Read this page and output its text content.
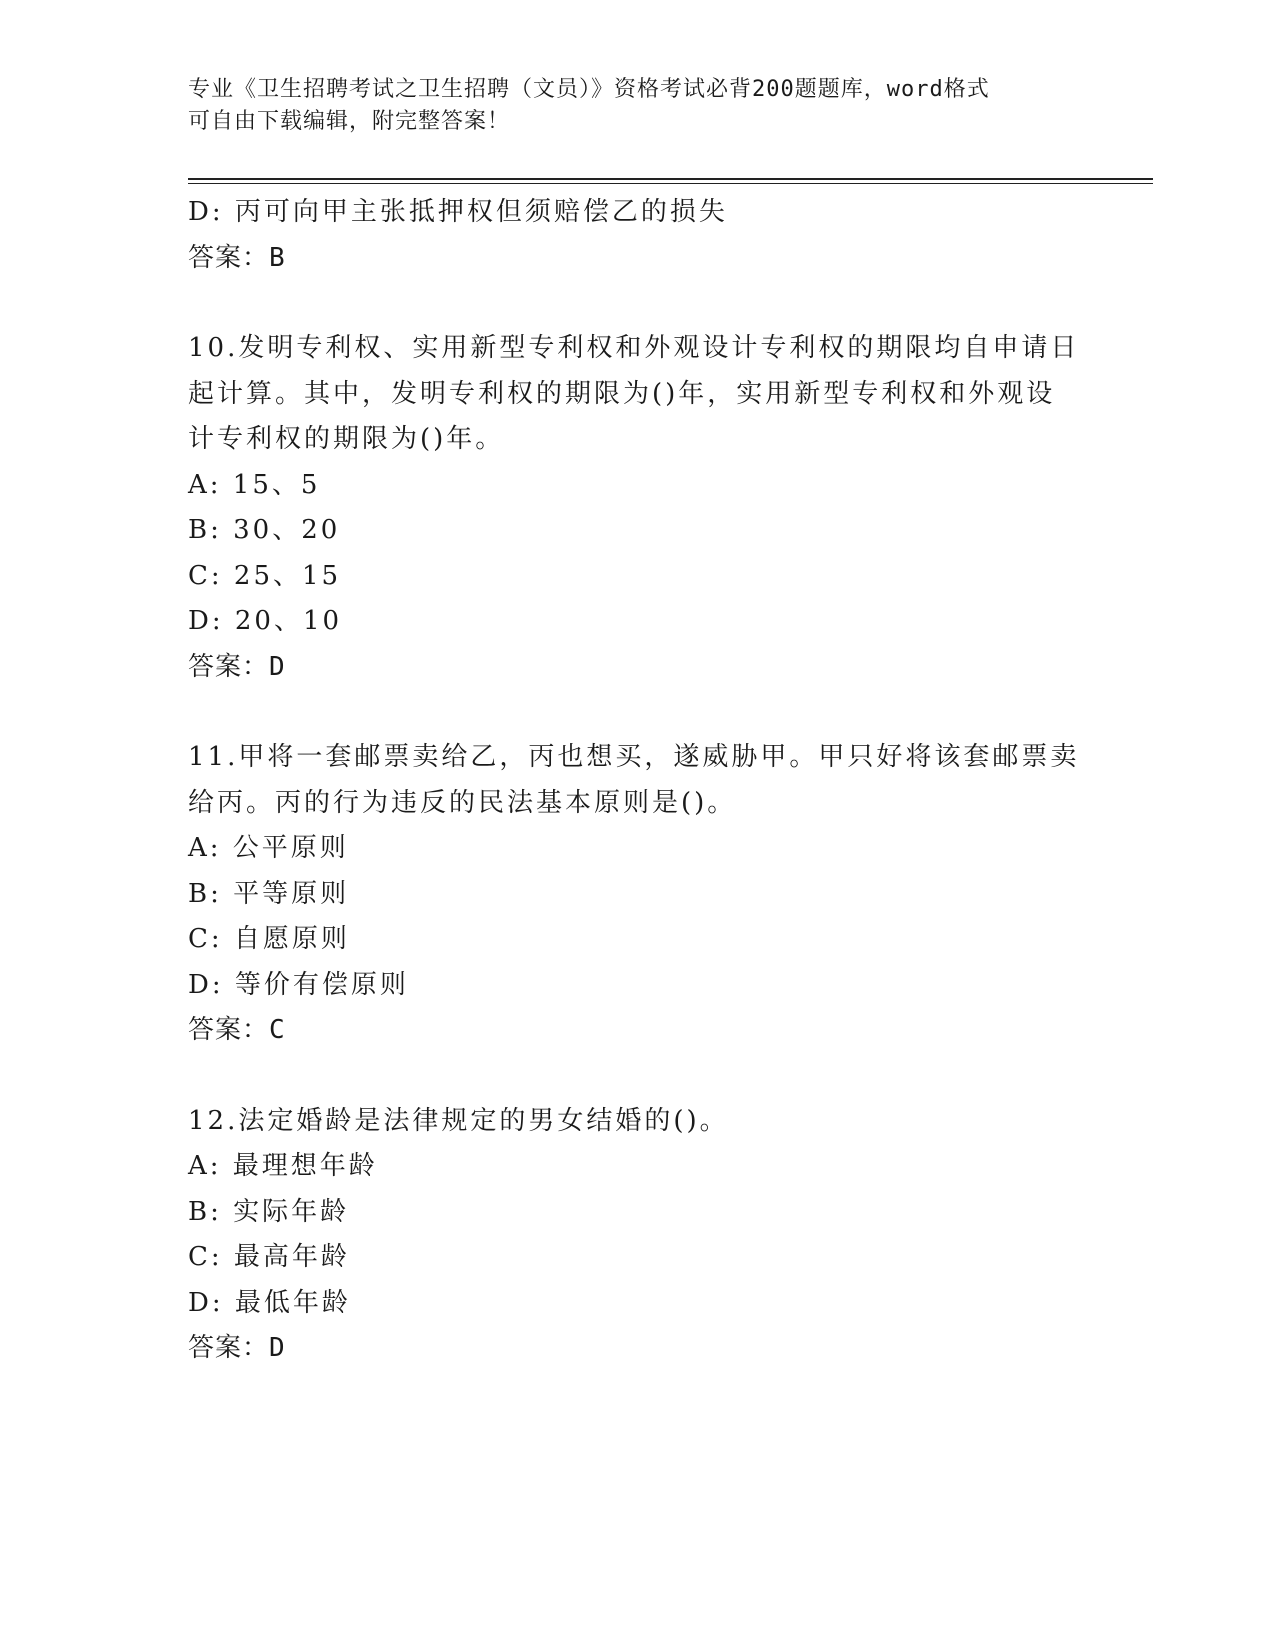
专业《卫生招聘考试之卫生招聘（文员）》资格考试必背200题题库，word格式
可自由下载编辑，附完整答案！

D: 丙可向甲主张抵押权但须赔偿乙的损失

答案：B

10.发明专利权、实用新型专利权和外观设计专利权的期限均自申请日

起计算。其中，发明专利权的期限为()年，实用新型专利权和外观设

计专利权的期限为()年。

A: 15、5

B: 30、20

C: 25、15

D: 20、10

答案：D

11.甲将一套邮票卖给乙，丙也想买，遂威胁甲。甲只好将该套邮票卖

给丙。丙的行为违反的民法基本原则是()。

A: 公平原则

B: 平等原则

C: 自愿原则

D: 等价有偿原则

答案：C

12.法定婚龄是法律规定的男女结婚的()。

A: 最理想年龄

B: 实际年龄

C: 最高年龄

D: 最低年龄

答案：D
